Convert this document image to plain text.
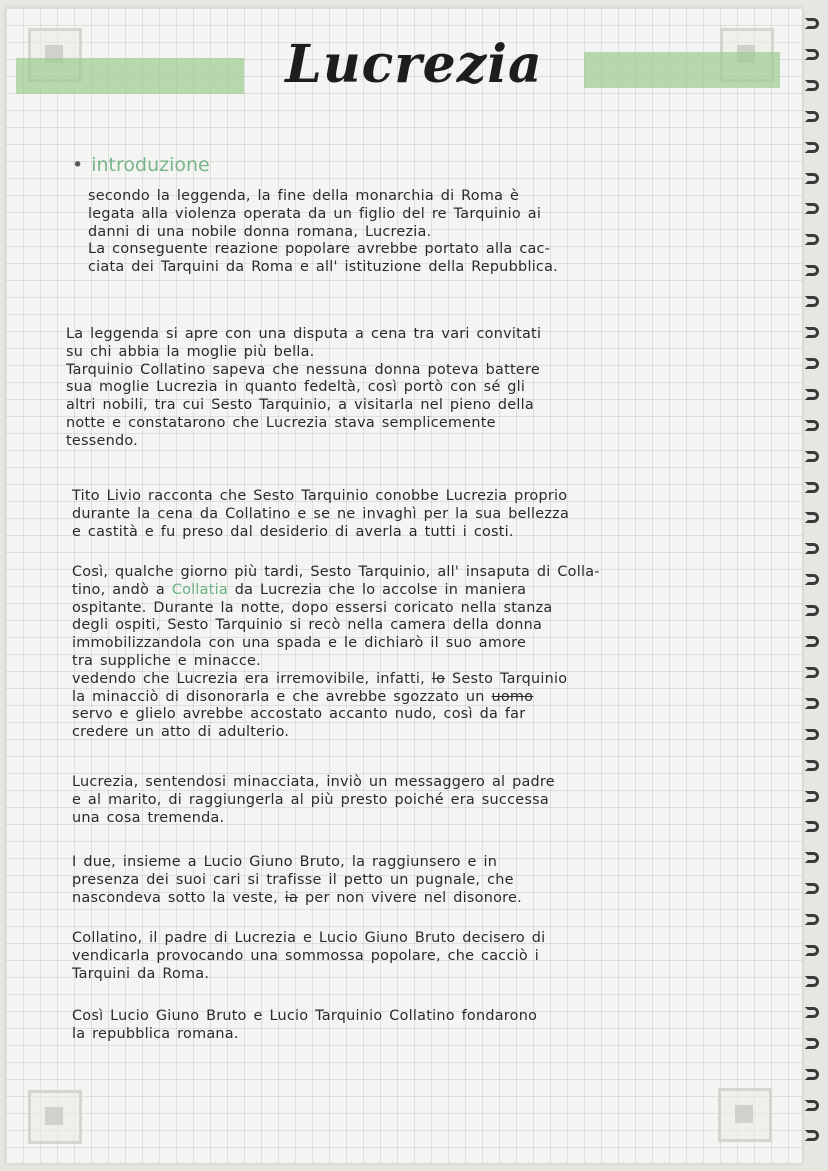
Lucrezia
• introduzione

secondo la leggenda, la fine della monarchia di Roma è
legata alla violenza operata da un figlio del re Tarquinio ai
danni di una nobile donna romana, Lucrezia.
La conseguente reazione popolare avrebbe portato alla cac-
ciata dei Tarquini da Roma e all' istituzione della Repubblica.

La leggenda si apre con una disputa a cena tra vari convitati
su chi abbia la moglie più bella.
Tarquinio Collatino sapeva che nessuna donna poteva battere
sua moglie Lucrezia in quanto fedeltà, così portò con sé gli
altri nobili, tra cui Sesto Tarquinio, a visitarla nel pieno della
notte e constatarono che Lucrezia stava semplicemente
tessendo.

Tito Livio racconta che Sesto Tarquinio conobbe Lucrezia proprio
durante la cena da Collatino e se ne invaghì per la sua bellezza
e castità e fu preso dal desiderio di averla a tutti i costi.

Così, qualche giorno più tardi, Sesto Tarquinio, all' insaputa di Colla-
tino, andò a Collatia da Lucrezia che lo accolse in maniera
ospitante. Durante la notte, dopo essersi coricato nella stanza
degli ospiti, Sesto Tarquinio si recò nella camera della donna
immobilizzandola con una spada e le dichiarò il suo amore
tra suppliche e minacce.
vedendo che Lucrezia era irremovibile, infatti, lo Sesto Tarquinio
la minacciò di disonorarla e che avrebbe sgozzato un uomo
servo e glielo avrebbe accostato accanto nudo, così da far
credere un atto di adulterio.

Lucrezia, sentendosi minacciata, inviò un messaggero al padre
e al marito, di raggiungerla al più presto poiché era successa
una cosa tremenda.

I due, insieme a Lucio Giuno Bruto, la raggiunsero e in
presenza dei suoi cari si trafisse il petto un pugnale, che
nascondeva sotto la veste, ia per non vivere nel disonore.

Collatino, il padre di Lucrezia e Lucio Giuno Bruto decisero di
vendicarla provocando una sommossa popolare, che cacciò i
Tarquini da Roma.

Così Lucio Giuno Bruto e Lucio Tarquinio Collatino fondarono
la repubblica romana.
